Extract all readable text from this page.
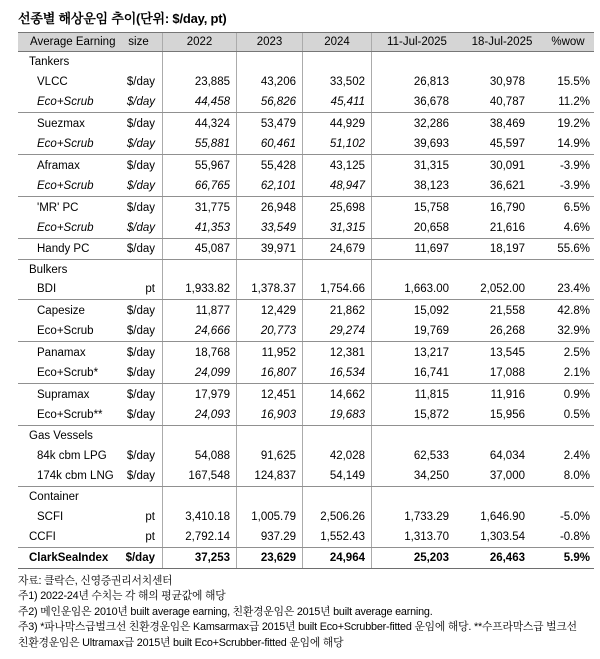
선종별 해상운임 추이(단위: $/day, pt)
Average Earning	size	2022	2023	2024	11-Jul-2025	18-Jul-2025	%wow
Tankers
VLCC	$/day	23,885	43,206	33,502	26,813	30,978	15.5%
Eco+Scrub	$/day	44,458	56,826	45,411	36,678	40,787	11.2%
Suezmax	$/day	44,324	53,479	44,929	32,286	38,469	19.2%
Eco+Scrub	$/day	55,881	60,461	51,102	39,693	45,597	14.9%
Aframax	$/day	55,967	55,428	43,125	31,315	30,091	-3.9%
Eco+Scrub	$/day	66,765	62,101	48,947	38,123	36,621	-3.9%
'MR' PC	$/day	31,775	26,948	25,698	15,758	16,790	6.5%
Eco+Scrub	$/day	41,353	33,549	31,315	20,658	21,616	4.6%
Handy PC	$/day	45,087	39,971	24,679	11,697	18,197	55.6%
Bulkers
BDI	pt	1,933.82	1,378.37	1,754.66	1,663.00	2,052.00	23.4%
Capesize	$/day	11,877	12,429	21,862	15,092	21,558	42.8%
Eco+Scrub	$/day	24,666	20,773	29,274	19,769	26,268	32.9%
Panamax	$/day	18,768	11,952	12,381	13,217	13,545	2.5%
Eco+Scrub*	$/day	24,099	16,807	16,534	16,741	17,088	2.1%
Supramax	$/day	17,979	12,451	14,662	11,815	11,916	0.9%
Eco+Scrub**	$/day	24,093	16,903	19,683	15,872	15,956	0.5%
Gas Vessels
84k cbm LPG	$/day	54,088	91,625	42,028	62,533	64,034	2.4%
174k cbm LNG	$/day	167,548	124,837	54,149	34,250	37,000	8.0%
Container
SCFI	pt	3,410.18	1,005.79	2,506.26	1,733.29	1,646.90	-5.0%
CCFI	pt	2,792.14	937.29	1,552.43	1,313.70	1,303.54	-0.8%
ClarkSeaIndex	$/day	37,253	23,629	24,964	25,203	26,463	5.9%
자료: 클락슨, 신영증권리서치센터
주1) 2022-24년 수치는 각 해의 평균값에 해당
주2) 메인운임은 2010년 built average earning, 친환경운임은 2015년 built average earning.
주3) *파나막스급벌크선 친환경운임은 Kamsarmax급 2015년 built Eco+Scrubber-fitted 운임에 해당. **수프라막스급 벌크선 친환경운임은 Ultramax급 2015년 built Eco+Scrubber-fitted 운임에 해당
